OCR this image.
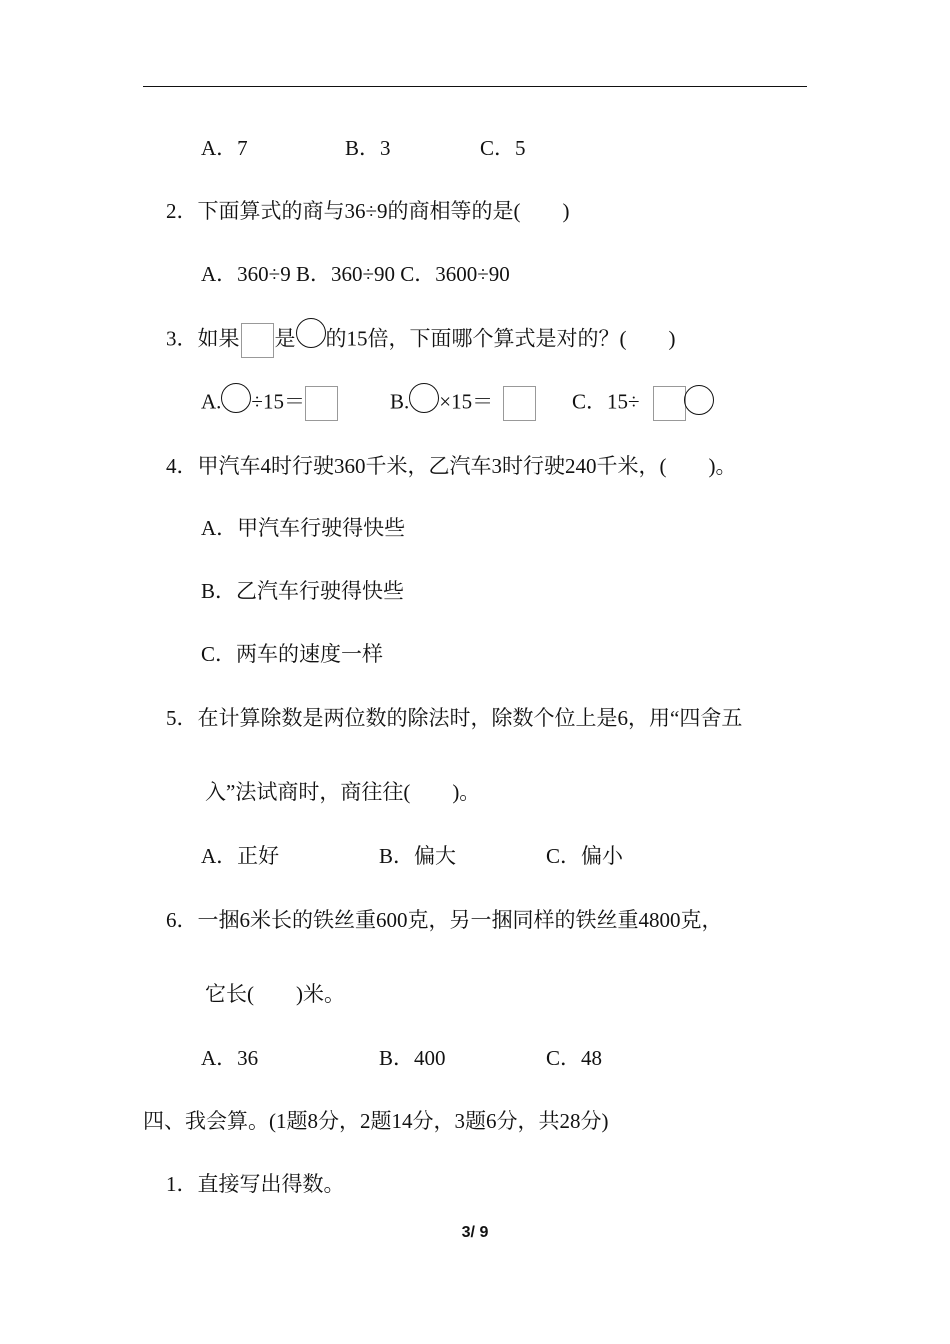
A．7	B．3	C．5
2．下面算式的商与36÷9的商相等的是(　　)
A．360÷9 B．360÷90 C．3600÷90
3．如果 是 的15倍，下面哪个算式是对的？(　　)
A. ÷15＝	B. ×15＝	C．15÷
4．甲汽车4时行驶360千米，乙汽车3时行驶240千米，(　　)。
A．甲汽车行驶得快些
B．乙汽车行驶得快些
C．两车的速度一样
5．在计算除数是两位数的除法时，除数个位上是6，用“四舍五
入”法试商时，商往往(　　)。
A．正好	B．偏大	C．偏小
6．一捆6米长的铁丝重600克，另一捆同样的铁丝重4800克，
它长(　　)米。
A．36	B．400	C．48
四、我会算。(1题8分，2题14分，3题6分，共28分)
1．直接写出得数。
3/ 9
